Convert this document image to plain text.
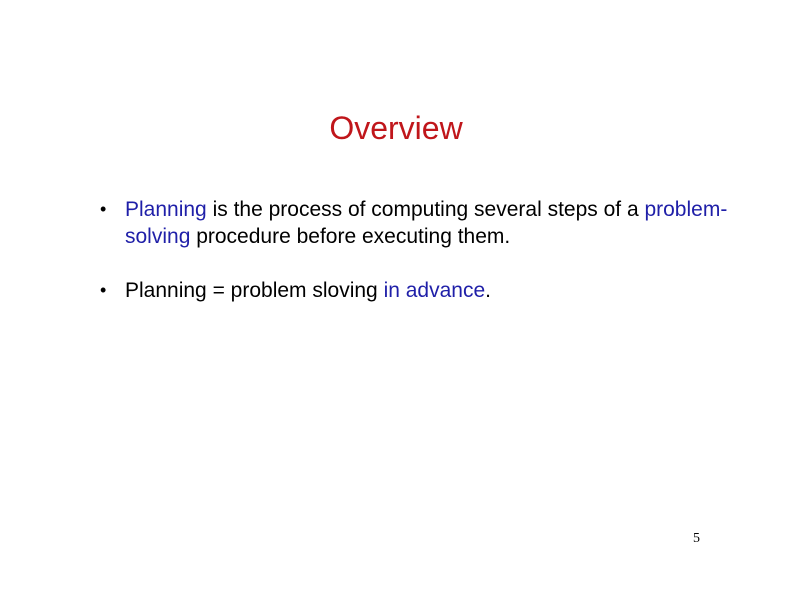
Overview
• Planning is the process of computing several steps of a problem-solving procedure before executing them.
• Planning = problem sloving in advance.
5
